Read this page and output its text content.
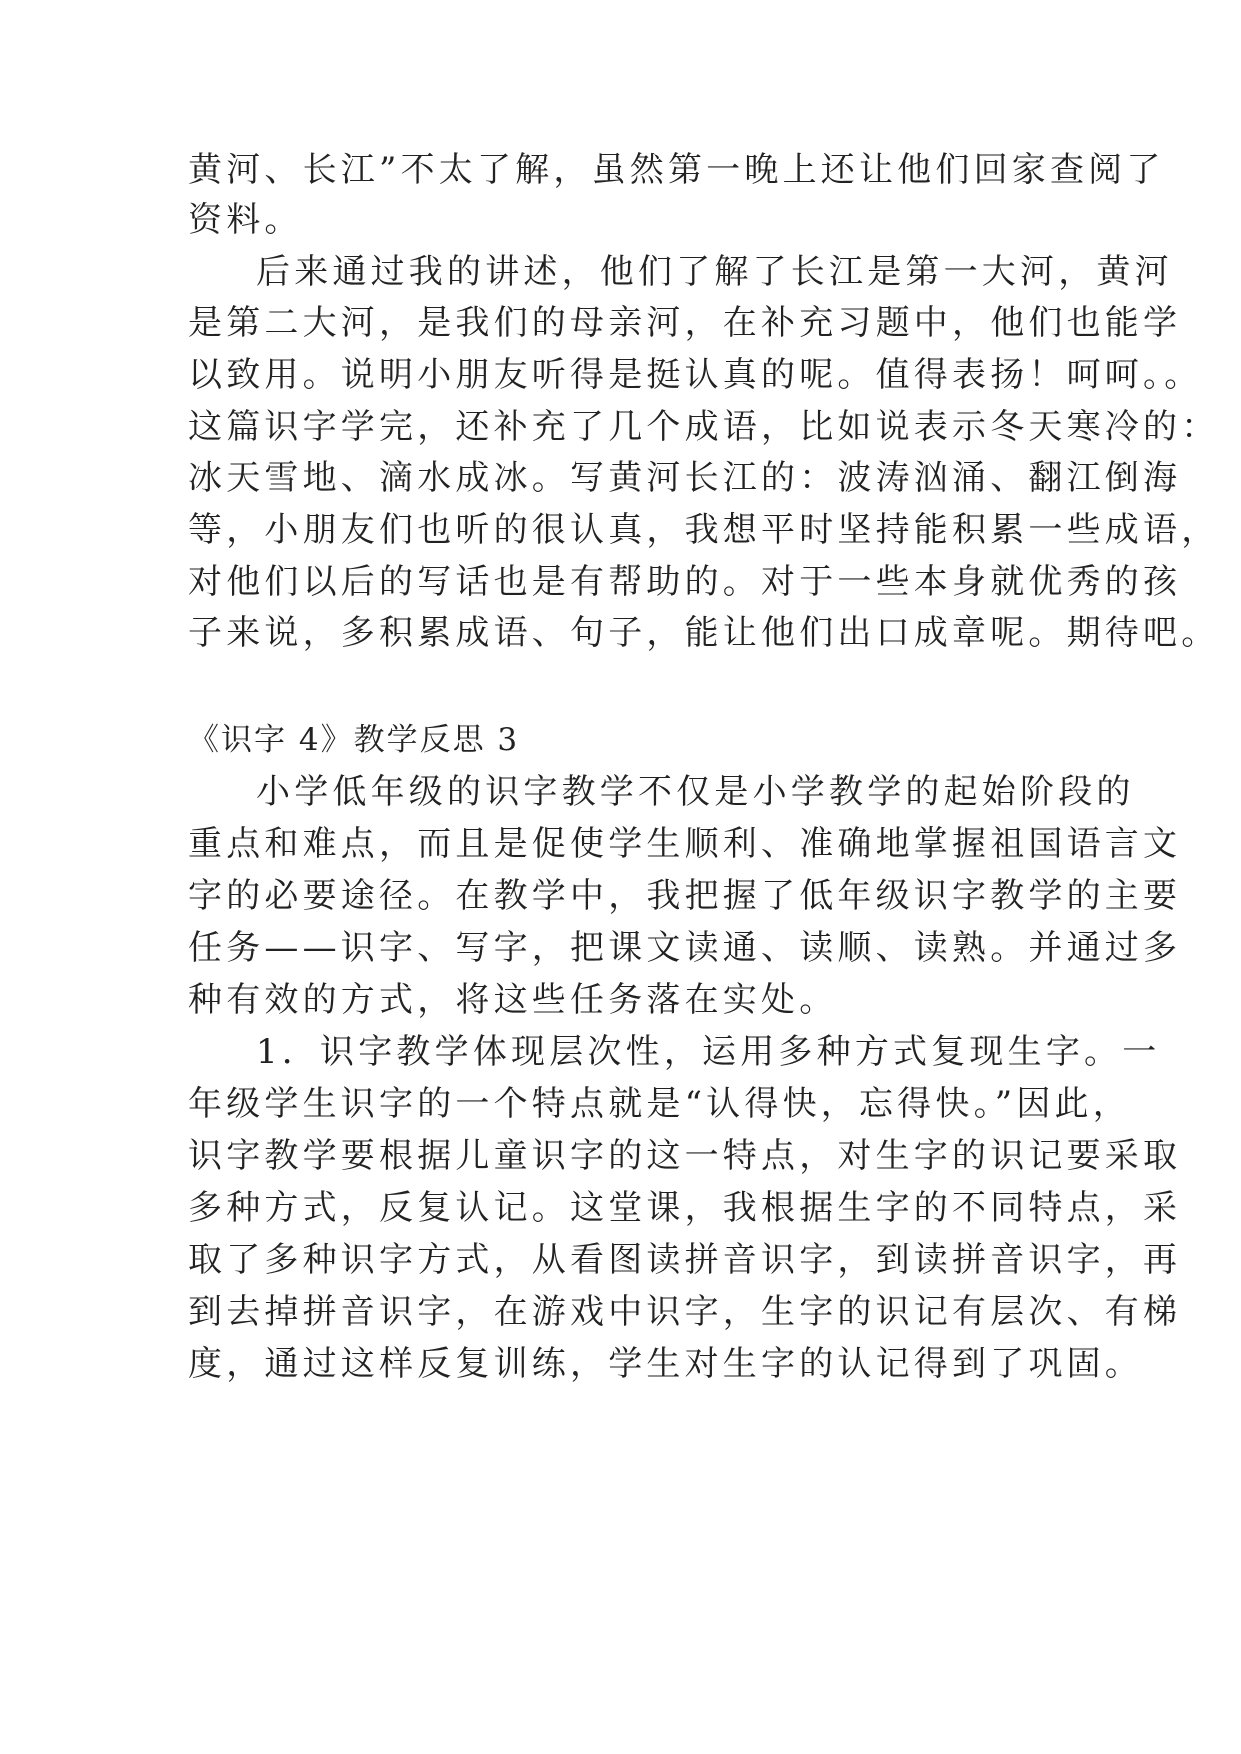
黄河、长江”不太了解，虽然第一晚上还让他们回家查阅了
资料。
后来通过我的讲述，他们了解了长江是第一大河，黄河
是第二大河，是我们的母亲河，在补充习题中，他们也能学
以致用。说明小朋友听得是挺认真的呢。值得表扬！呵呵。。
这篇识字学完，还补充了几个成语，比如说表示冬天寒冷的：
冰天雪地、滴水成冰。写黄河长江的：波涛汹涌、翻江倒海
等，小朋友们也听的很认真，我想平时坚持能积累一些成语，
对他们以后的写话也是有帮助的。对于一些本身就优秀的孩
子来说，多积累成语、句子，能让他们出口成章呢。期待吧。
《识字 4》教学反思 3
小学低年级的识字教学不仅是小学教学的起始阶段的
重点和难点，而且是促使学生顺利、准确地掌握祖国语言文
字的必要途径。在教学中，我把握了低年级识字教学的主要
任务——识字、写字，把课文读通、读顺、读熟。并通过多
种有效的方式，将这些任务落在实处。
1．识字教学体现层次性，运用多种方式复现生字。一
年级学生识字的一个特点就是“认得快，忘得快。”因此，
识字教学要根据儿童识字的这一特点，对生字的识记要采取
多种方式，反复认记。这堂课，我根据生字的不同特点，采
取了多种识字方式，从看图读拼音识字，到读拼音识字，再
到去掉拼音识字，在游戏中识字，生字的识记有层次、有梯
度，通过这样反复训练，学生对生字的认记得到了巩固。
